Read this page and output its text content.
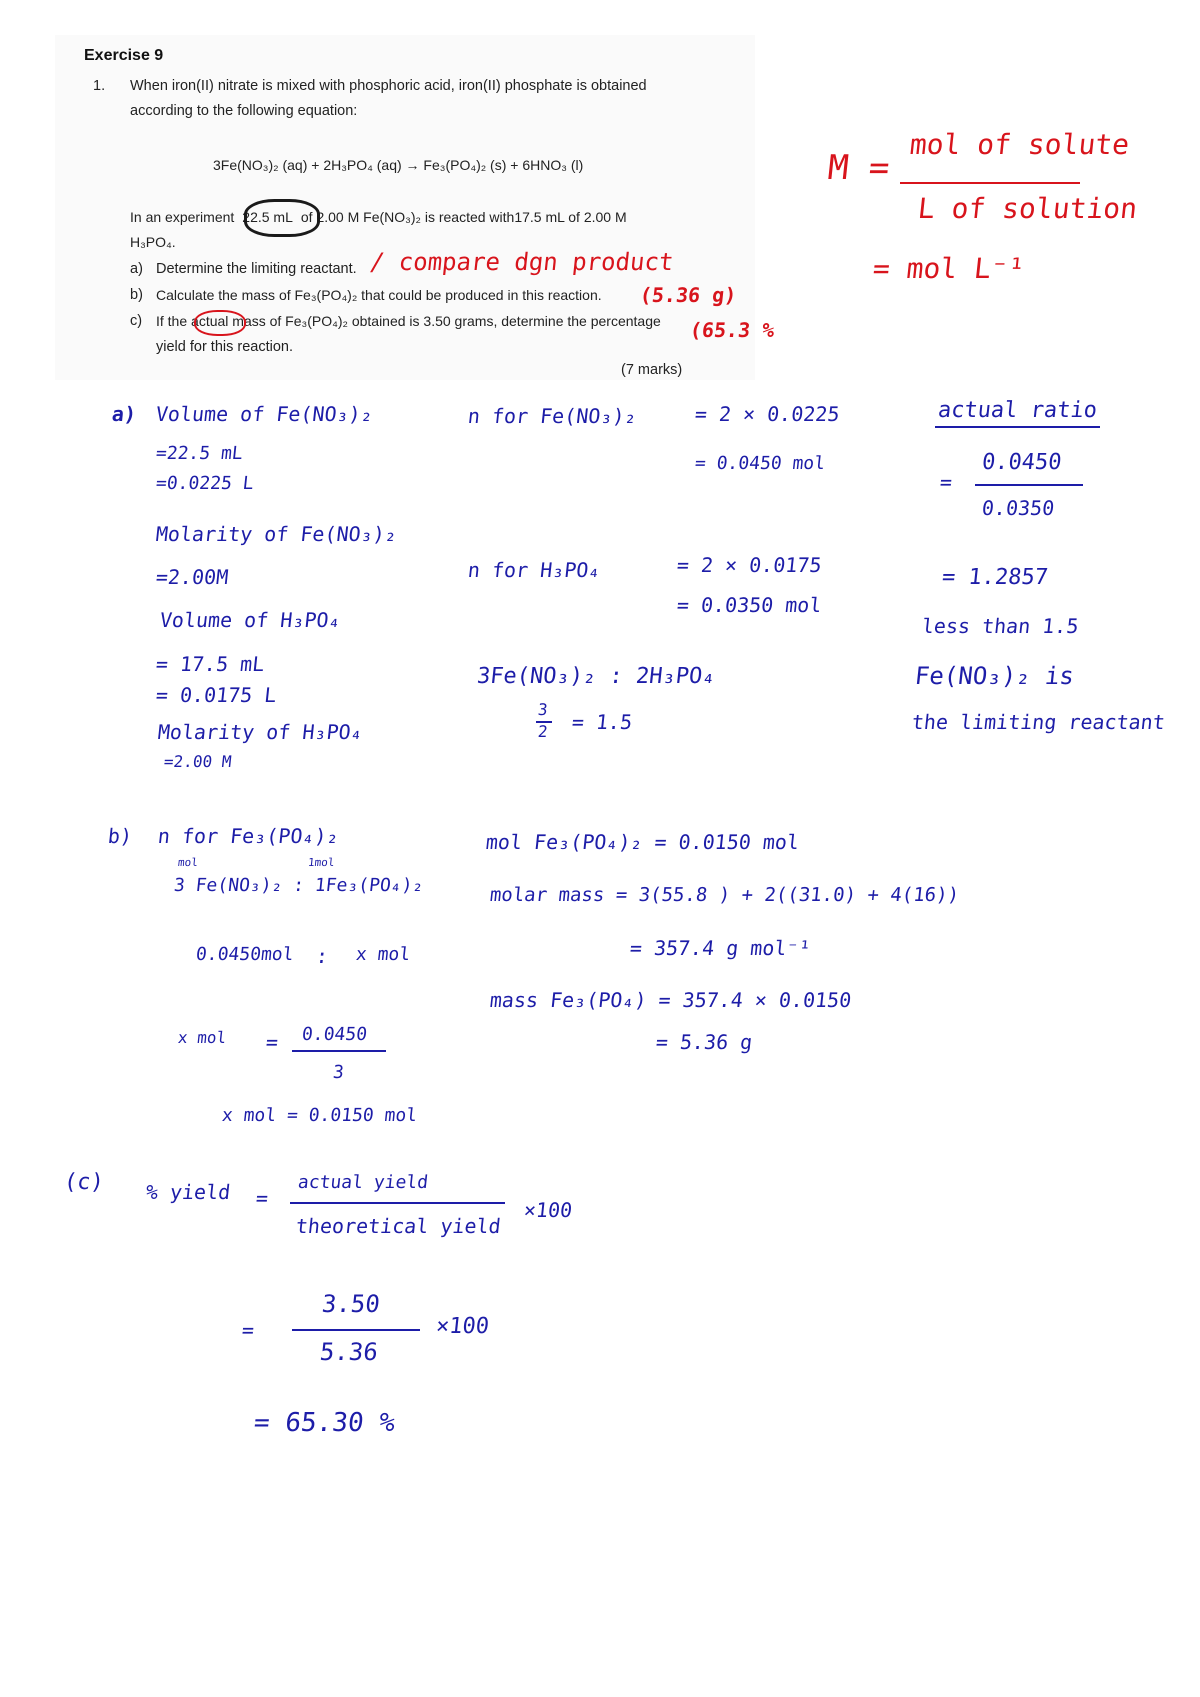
Exercise 9
1. When iron(II) nitrate is mixed with phosphoric acid, iron(II) phosphate is obtained
according to the following equation:
3Fe(NO₃)₂ (aq) + 2H₃PO₄ (aq) → Fe₃(PO₄)₂ (s) + 6HNO₃ (l)
In an experiment 22.5 mL of 2.00 M Fe(NO₃)₂ is reacted with17.5 mL of 2.00 M
H₃PO₄.
a) Determine the limiting reactant.
b) Calculate the mass of Fe₃(PO₄)₂ that could be produced in this reaction.
c) If the actual mass of Fe₃(PO₄)₂ obtained is 3.50 grams, determine the percentage
yield for this reaction.
(7 marks)
M =
mol of solute
L of solution
= mol L⁻¹
/ compare dgn product
(5.36 g)
(65.3 %
a) Volume of Fe(NO₃)₂
=22.5 mL
=0.0225 L
Molarity of Fe(NO₃)₂
=2.00M
Volume of H₃PO₄
= 17.5 mL
= 0.0175 L
Molarity of H₃PO₄
=2.00 M
n for Fe(NO₃)₂	= 2 × 0.0225
= 0.0450 mol
n for H₃PO₄	= 2 × 0.0175
= 0.0350 mol
3Fe(NO₃)₂ : 2H₃PO₄
3
2 = 1.5
actual ratio
=
0.0450
0.0350
= 1.2857
less than 1.5
Fe(NO₃)₂ is
the limiting reactant
b) n for Fe₃(PO₄)₂
mol	1mol
3 Fe(NO₃)₂ : 1Fe₃(PO₄)₂
0.0450mol : x mol
x mol = 0.0450
3
x mol = 0.0150 mol
mol Fe₃(PO₄)₂ = 0.0150 mol
molar mass = 3(55.8 ) + 2((31.0) + 4(16))
= 357.4 g mol⁻¹
mass Fe₃(PO₄) = 357.4 × 0.0150
= 5.36 g
(c) % yield =
actual yield
theoretical yield
×100
=
3.50
5.36
×100
= 65.30 %
